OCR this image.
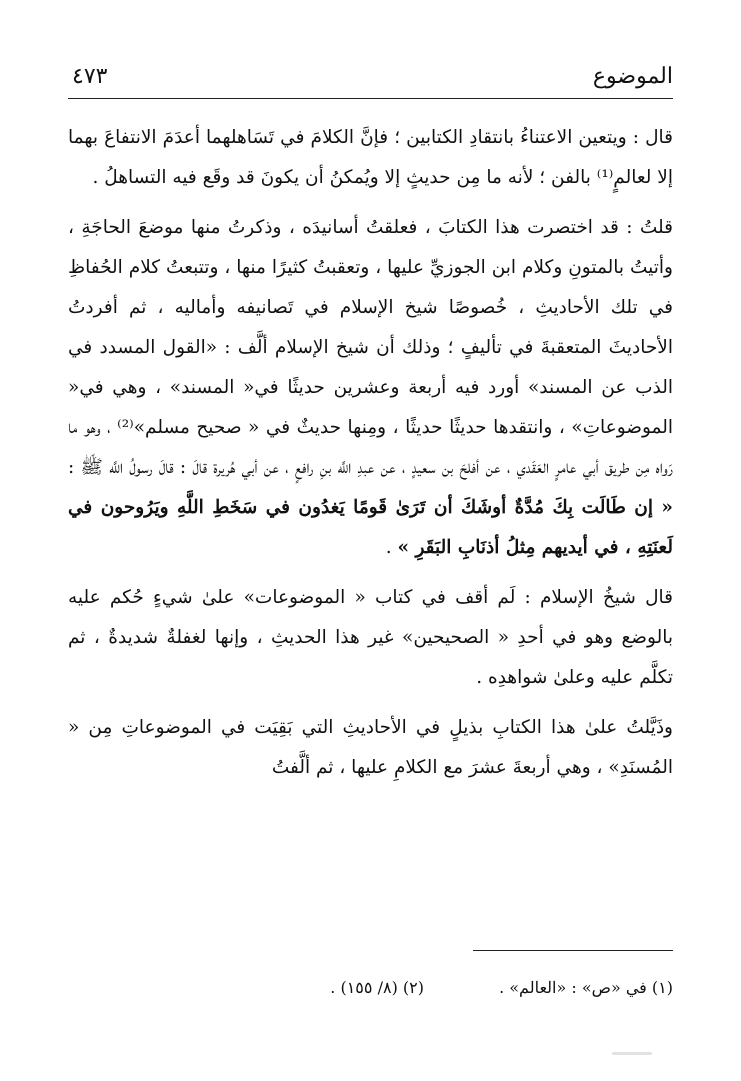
الموضوع
٤٧٣

قال : ويتعين الاعتناءُ بانتقادِ الكتابين ؛ فإنَّ الكلامَ في تَسَاهلهما أعدَمَ الانتفاعَ بهما إلا لعالمٍ⁽¹⁾ بالفن ؛ لأنه ما مِن حديثٍ إلا ويُمكنُ أن يكونَ قد وقَع فيه التساهلُ .

قلتُ : قد اختصرت هذا الكتابَ ، فعلقتُ أسانيدَه ، وذكرتُ منها موضعَ الحاجَةِ ، وأتيتُ بالمتونِ وكلام ابن الجوزيِّ عليها ، وتعقبتُ كثيرًا منها ، وتتبعتُ كلام الحُفاظِ في تلك الأحاديثِ ، خُصوصًا شيخ الإسلام في تَصانيفه وأماليه ، ثم أفردتُ الأحاديثَ المتعقبةَ في تأليفٍ ؛ وذلك أن شيخ الإسلام ألَّف : «القول المسدد في الذب عن المسند» أورد فيه أربعة وعشرين حديثًا في« المسند» ، وهي في« الموضوعاتِ» ، وانتقدها حديثًا حديثًا ، ومِنها حديثٌ في « صحيح مسلم»⁽²⁾ ، وهو ما رَواه مِن طريق أبي عامرٍ العَقَدي ، عن أفلحَ بن سعيدٍ ، عن عبدِ اللَّه بنِ رافعٍ ، عن أبي هُريرة قالَ : قالَ رسولُ اللَّه ﷺ : « إن طَالَت بِكَ مُدَّةٌ أوشَكَ أن تَرَىٰ قَومًا يَغدُون في سَخَطِ اللَّهِ ويَرُوحون في لَعنَتِهِ ، في أيديهم مِثلُ أذنَابِ البَقَرِ » .

قال شيخُ الإسلام : لَم أقف في كتاب « الموضوعات» علىٰ شيءٍ حُكم عليه بالوضع وهو في أحدِ « الصحيحين» غير هذا الحديثِ ، وإنها لغفلةٌ شديدةٌ ، ثم تكلَّم عليه وعلىٰ شواهدِه .

وذَيَّلتُ علىٰ هذا الكتابِ بذيلٍ في الأحاديثِ التي بَقِيَت في الموضوعاتِ مِن « المُسنَدِ» ، وهي أربعةَ عشرَ مع الكلامِ عليها ، ثم ألَّفتُ

(١) في «ص» : «العالم» . (٢) (٨/ ١٥٥) .
